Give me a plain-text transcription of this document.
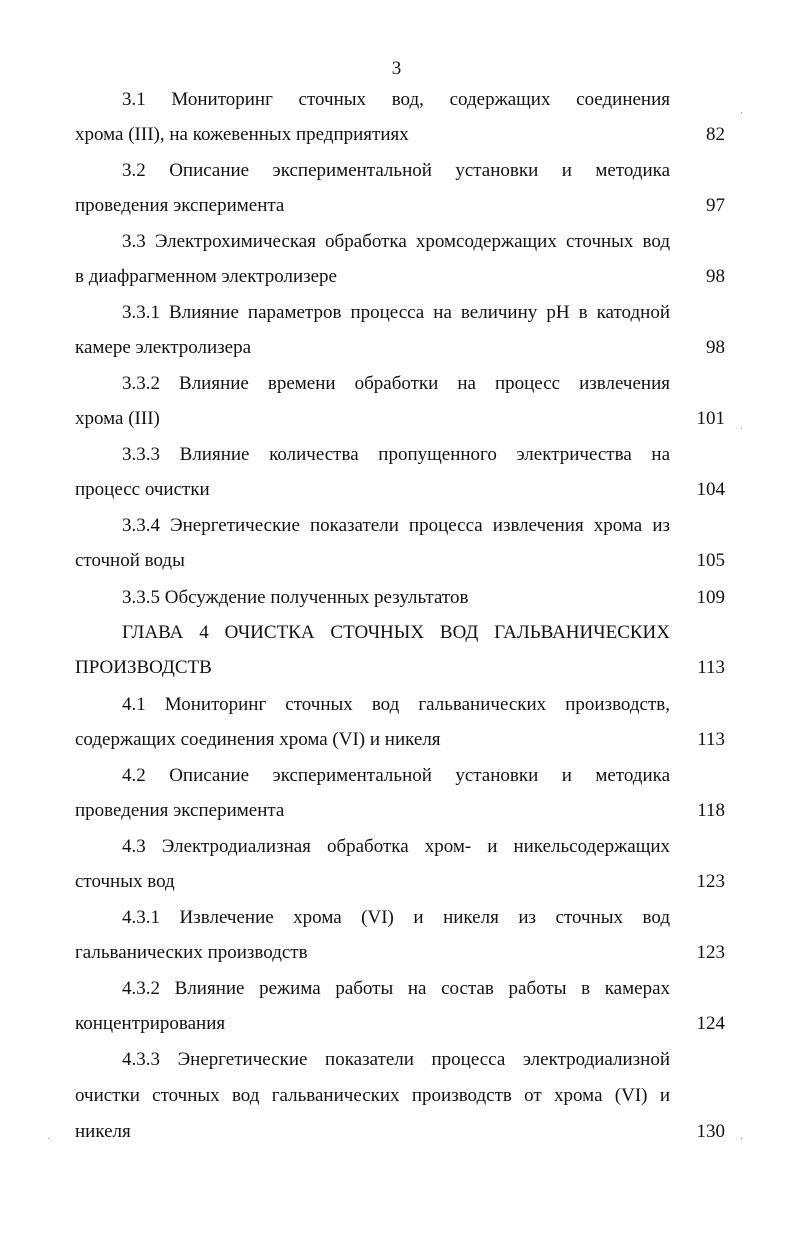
3
3.1 Мониторинг сточных вод, содержащих соединения
хрома (III), на кожевенных предприятиях	82
3.2 Описание экспериментальной установки и методика
проведения эксперимента	97
3.3 Электрохимическая обработка хромсодержащих сточных вод
в диафрагменном электролизере	98
3.3.1 Влияние параметров процесса на величину pH в катодной
камере электролизера	98
3.3.2 Влияние времени обработки на процесс извлечения
хрома (III)	101
3.3.3 Влияние количества пропущенного электричества на
процесс очистки	104
3.3.4 Энергетические показатели процесса извлечения хрома из
сточной воды	105
3.3.5 Обсуждение полученных результатов	109
ГЛАВА 4 ОЧИСТКА СТОЧНЫХ ВОД ГАЛЬВАНИЧЕСКИХ
ПРОИЗВОДСТВ	113
4.1 Мониторинг сточных вод гальванических производств,
содержащих соединения хрома (VI) и никеля	113
4.2 Описание экспериментальной установки и методика
проведения эксперимента	118
4.3 Электродиализная обработка хром- и никельсодержащих
сточных вод	123
4.3.1 Извлечение хрома (VI) и никеля из сточных вод
гальванических производств	123
4.3.2 Влияние режима работы на состав работы в камерах
концентрирования	124
4.3.3 Энергетические показатели процесса электродиализной
очистки сточных вод гальванических производств от хрома (VI) и
никеля	130
